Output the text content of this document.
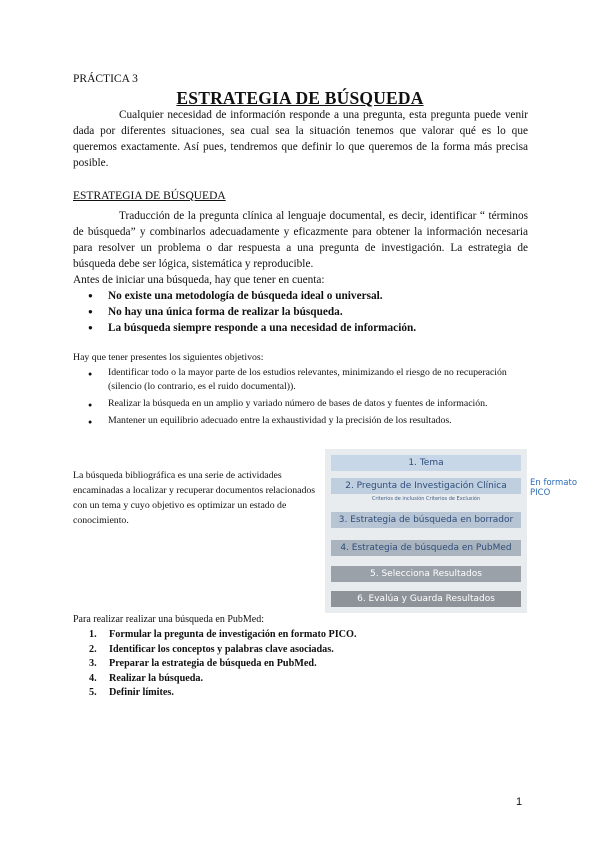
PRÁCTICA 3
ESTRATEGIA DE BÚSQUEDA

Cualquier necesidad de información responde a una pregunta, esta pregunta puede venir dada por diferentes situaciones, sea cual sea la situación tenemos que valorar qué es lo que queremos exactamente. Así pues, tendremos que definir lo que queremos de la forma más precisa posible.

ESTRATEGIA DE BÚSQUEDA

Traducción de la pregunta clínica al lenguaje documental, es decir, identificar “ términos de búsqueda” y combinarlos adecuadamente y eficazmente para obtener la información necesaria para resolver un problema o dar respuesta a una pregunta de investigación. La estrategia de búsqueda debe ser lógica, sistemática y reproducible.

Antes de iniciar una búsqueda, hay que tener en cuenta:

● No existe una metodología de búsqueda ideal o universal.
● No hay una única forma de realizar la búsqueda.
● La búsqueda siempre responde a una necesidad de información.
Hay que tener presentes los siguientes objetivos:
● Identificar todo o la mayor parte de los estudios relevantes, minimizando el riesgo de no recuperación (silencio (lo contrario, es el ruido documental)).
● Realizar la búsqueda en un amplio y variado número de bases de datos y fuentes de información.
● Mantener un equilibrio adecuado entre la exhaustividad y la precisión de los resultados.
La búsqueda bibliográfica es una serie de actividades encaminadas a localizar y recuperar documentos relacionados con un tema y cuyo objetivo es optimizar un estado de conocimiento.
1. Tema
2. Pregunta de Investigación Clínica
3. Estrategia de búsqueda en borrador
4. Estrategia de búsqueda en PubMed
5. Selecciona Resultados
6. Evalúa y Guarda Resultados
Criterios de inclusión Criterios de Exclusión
En formato PICO
Para realizar realizar una búsqueda en PubMed:
1.	Formular la pregunta de investigación en formato PICO.
2.	Identificar los conceptos y palabras clave asociadas.
3.	Preparar la estrategia de búsqueda en PubMed.
4.	Realizar la búsqueda.
5.	Definir límites.
1
